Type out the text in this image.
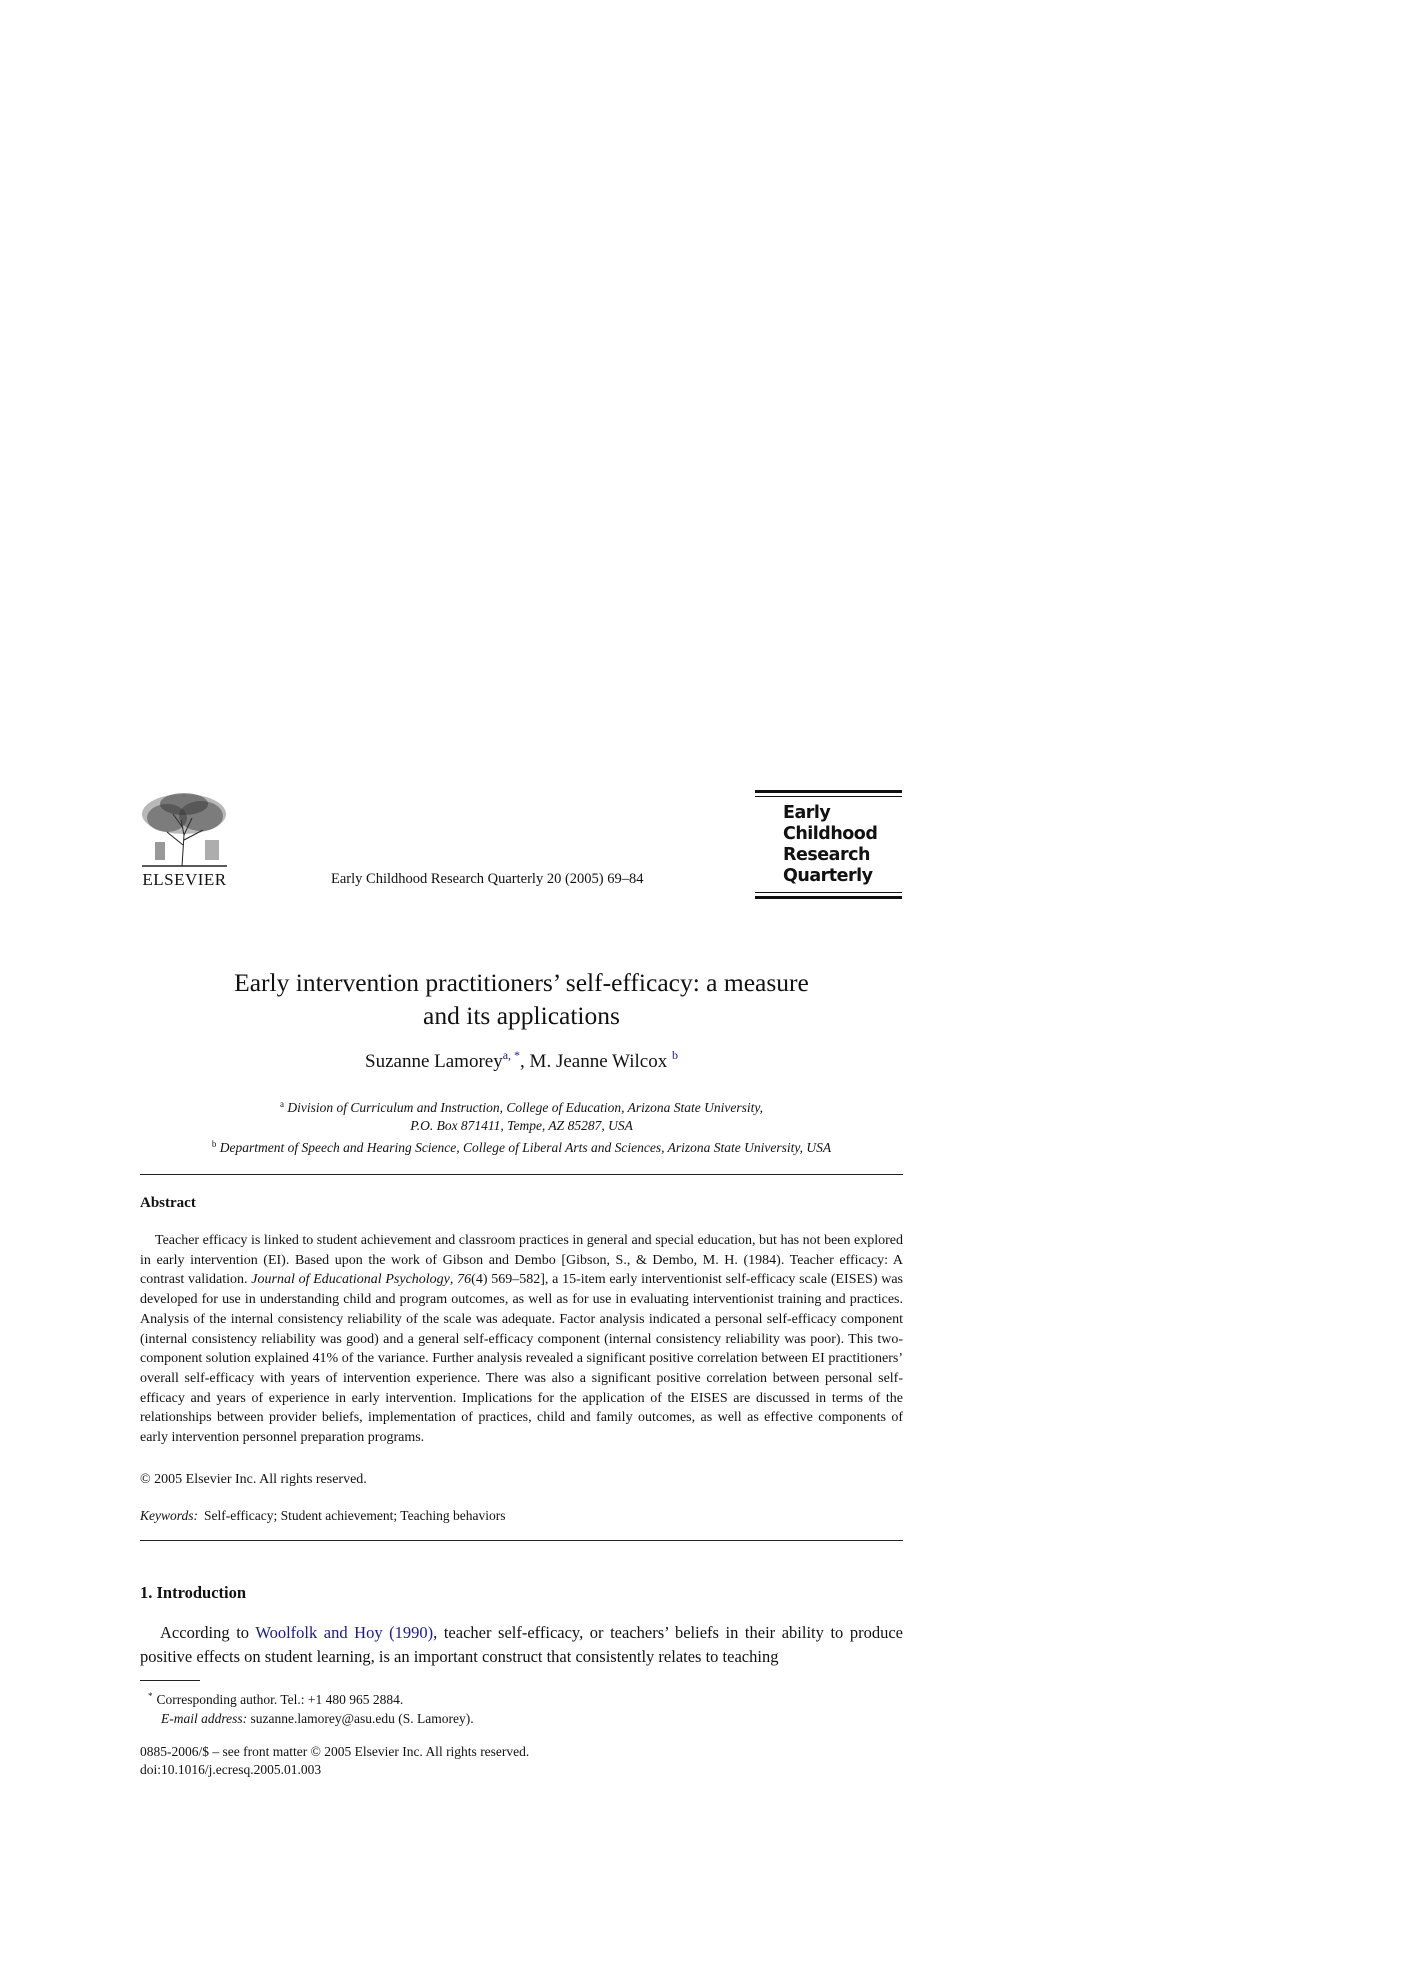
ELSEVIER	Early Childhood Research Quarterly 20 (2005) 69–84
Early
Childhood
Research
Quarterly
Early intervention practitioners’ self-efficacy: a measure
and its applications
Suzanne Lamorey$^{a, *}$, M. Jeanne Wilcox $^b$
$^a$ Division of Curriculum and Instruction, College of Education, Arizona State University,
P.O. Box 871411, Tempe, AZ 85287, USA
$^b$ Department of Speech and Hearing Science, College of Liberal Arts and Sciences, Arizona State University, USA
Abstract

Teacher efficacy is linked to student achievement and classroom practices in general and special education, but has not been explored in early intervention (EI). Based upon the work of Gibson and Dembo [Gibson, S., & Dembo, M. H. (1984). Teacher efficacy: A contrast validation. Journal of Educational Psychology, 76(4) 569–582], a 15-item early interventionist self-efficacy scale (EISES) was developed for use in understanding child and program outcomes, as well as for use in evaluating interventionist training and practices. Analysis of the internal consistency reliability of the scale was adequate. Factor analysis indicated a personal self-efficacy component (internal consistency reliability was good) and a general self-efficacy component (internal consistency reliability was poor). This two-component solution explained 41% of the variance. Further analysis revealed a significant positive correlation between EI practitioners’ overall self-efficacy with years of intervention experience. There was also a significant positive correlation between personal self-efficacy and years of experience in early intervention. Implications for the application of the EISES are discussed in terms of the relationships between provider beliefs, implementation of practices, child and family outcomes, as well as effective components of early intervention personnel preparation programs.

© 2005 Elsevier Inc. All rights reserved.
Keywords: Self-efficacy; Student achievement; Teaching behaviors
1. Introduction

According to Woolfolk and Hoy (1990), teacher self-efficacy, or teachers’ beliefs in their ability to produce positive effects on student learning, is an important construct that consistently relates to teaching

* Corresponding author. Tel.: +1 480 965 2884.
E-mail address: suzanne.lamorey@asu.edu (S. Lamorey).
0885-2006/$ – see front matter © 2005 Elsevier Inc. All rights reserved.
doi:10.1016/j.ecresq.2005.01.003
